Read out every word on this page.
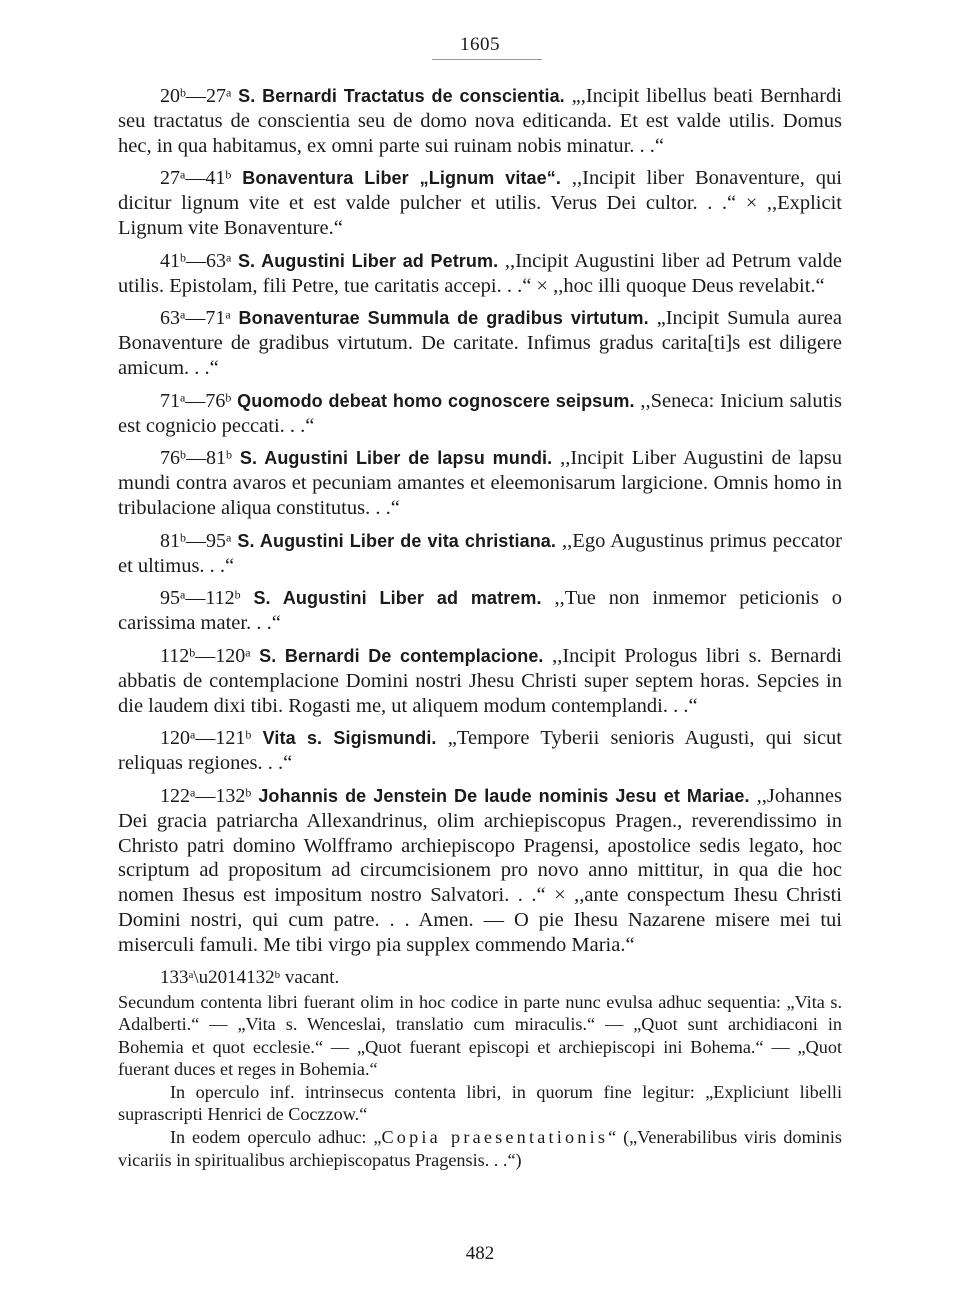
1605

20$^b$—27$^a$ S. Bernardi Tractatus de conscientia. „,Incipit libellus beati Bernhardi seu tractatus de conscientia seu de domo nova editicanda. Et est valde utilis. Domus hec, in qua habitamus, ex omni parte sui ruinam nobis minatur. . .“

27$^a$—41$^b$ Bonaventura Liber „Lignum vitae“. ,,Incipit liber Bonaventure, qui dicitur lignum vite et est valde pulcher et utilis. Verus Dei cultor. . .“ × ,,Explicit Lignum vite Bonaventure.“

41$^b$—63$^a$ S. Augustini Liber ad Petrum. ,,Incipit Augustini liber ad Petrum valde utilis. Epistolam, fili Petre, tue caritatis accepi. . .“ × ,,hoc illi quoque Deus revelabit.“

63$^a$—71$^a$ Bonaventurae Summula de gradibus virtutum. „Incipit Sumula aurea Bonaventure de gradibus virtutum. De caritate. Infimus gradus carita[ti]s est diligere amicum. . .“

71$^a$—76$^b$ Quomodo debeat homo cognoscere seipsum. ,,Seneca: Inicium salutis est cognicio peccati. . .“

76$^b$—81$^b$ S. Augustini Liber de lapsu mundi. ,,Incipit Liber Augustini de lapsu mundi contra avaros et pecuniam amantes et eleemonisarum largicione. Omnis homo in tribulacione aliqua constitutus. . .“

81$^b$—95$^a$ S. Augustini Liber de vita christiana. ,,Ego Augustinus primus peccator et ultimus. . .“

95$^a$—112$^b$ S. Augustini Liber ad matrem. ,,Tue non inmemor peticionis o carissima mater. . .“

112$^b$—120$^a$ S. Bernardi De contemplacione. ,,Incipit Prologus libri s. Bernardi abbatis de contemplacione Domini nostri Jhesu Christi super septem horas. Sepcies in die laudem dixi tibi. Rogasti me, ut aliquem modum contemplandi. . .“

120$^a$—121$^b$ Vita s. Sigismundi. „Tempore Tyberii senioris Augusti, qui sicut reliquas regiones. . .“

122$^a$—132$^b$ Johannis de Jenstein De laude nominis Jesu et Mariae. ,,Johannes Dei gracia patriarcha Allexandrinus, olim archiepiscopus Pragen., reverendissimo in Christo patri domino Wolfframo archiepiscopo Pragensi, apostolice sedis legato, hoc scriptum ad propositum ad circumcisionem pro novo anno mittitur, in qua die hoc nomen Ihesus est impositum nostro Salvatori. . .“ × ,,ante conspectum Ihesu Christi Domini nostri, qui cum patre. . . Amen. — O pie Ihesu Nazarene misere mei tui miserculi famuli. Me tibi virgo pia supplex commendo Maria.“

133$^a$\u2014132$^b$ vacant.

Secundum contenta libri fuerant olim in hoc codice in parte nunc evulsa adhuc sequentia: „Vita s. Adalberti.“ — „Vita s. Wenceslai, translatio cum miraculis.“ — „Quot sunt archidiaconi in Bohemia et quot ecclesie.“ — „Quot fuerant episcopi et archiepiscopi ini Bohema.“ — „Quot fuerant duces et reges in Bohemia.“

In operculo inf. intrinsecus contenta libri, in quorum fine legitur: „Expliciunt libelli suprascripti Henrici de Coczzow.“

In eodem operculo adhuc: „Copia praesentationis“ („Venerabilibus viris dominis vicariis in spiritualibus archiepiscopatus Pragensis. . .“)

482
